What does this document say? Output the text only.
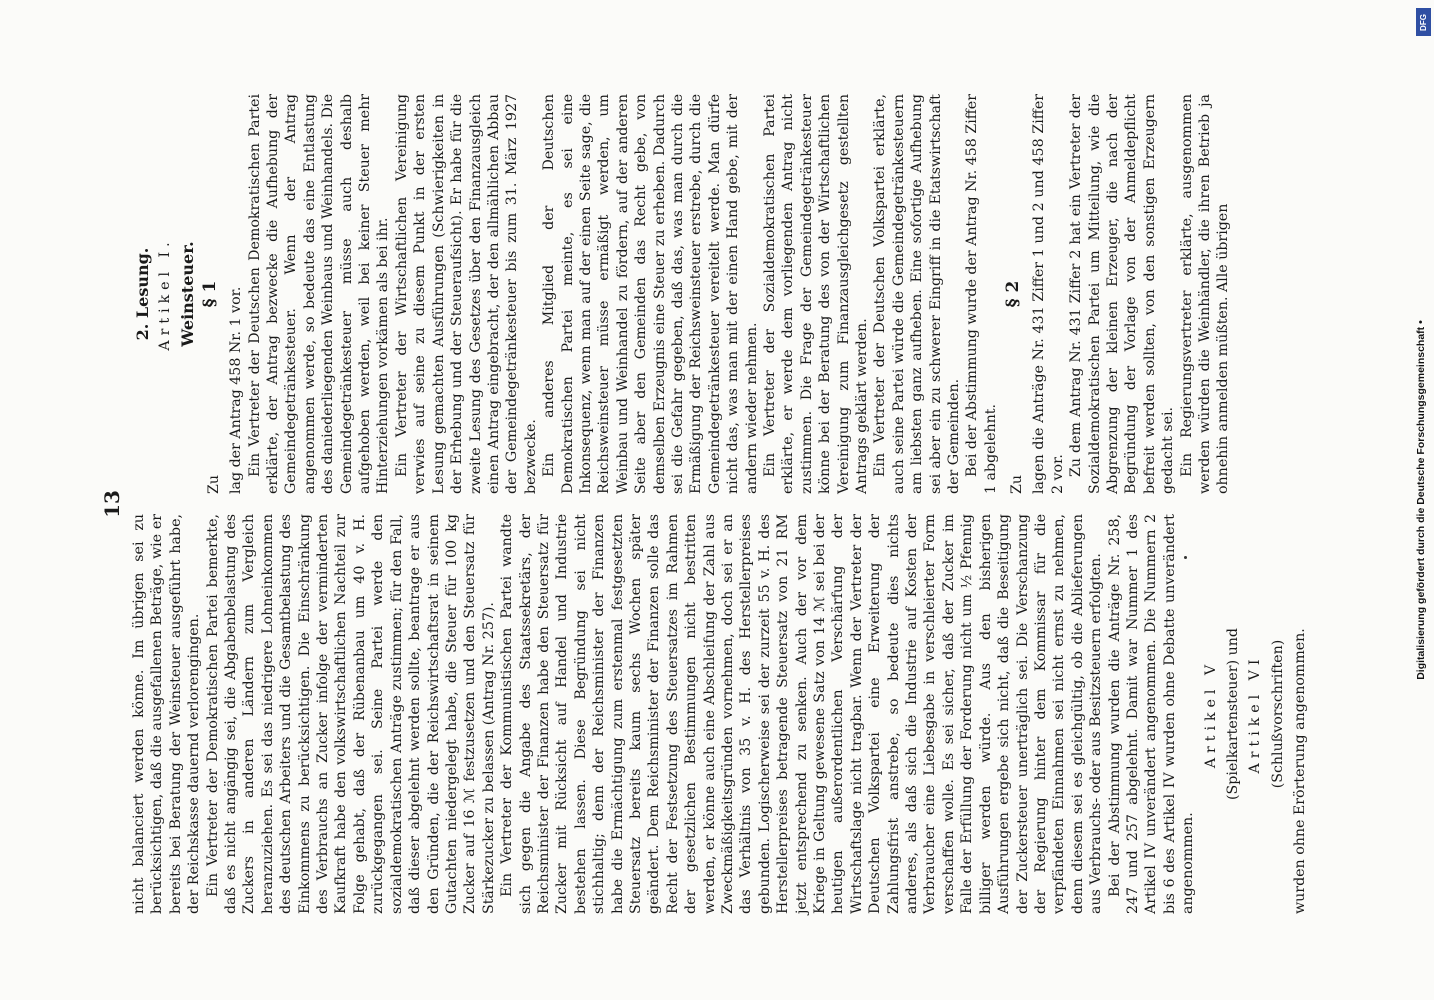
13

nicht balanciert werden könne. Im übrigen sei zu berücksichtigen, daß die ausgefallenen Beträge, wie er bereits bei Beratung der Weinsteuer ausgeführt habe, der Reichskasse dauernd verlorengingen. Ein Vertreter der Demokratischen Partei bemerkte, daß es nicht angängig sei, die Abgabenbelastung des Zuckers in anderen Ländern zum Vergleich heranzuziehen. Es sei das niedrigere Lohneinkommen des deutschen Arbeiters und die Gesamtbelastung des Einkommens zu berücksichtigen. Die Einschränkung des Verbrauchs an Zucker infolge der verminderten Kaufkraft habe den volkswirtschaftlichen Nachteil zur Folge gehabt, daß der Rübenanbau um 40 v. H. zurückgegangen sei. Seine Partei werde den sozialdemokratischen Anträge zustimmen; für den Fall, daß dieser abgelehnt werden sollte, beantrage er aus den Gründen, die der Reichswirtschaftsrat in seinem Gutachten niedergelegt habe, die Steuer für 100 kg Zucker auf 16 ℳ festzusetzen und den Steuersatz für Stärkezucker zu belassen (Antrag Nr. 257). Ein Vertreter der Kommunistischen Partei wandte sich gegen die Angabe des Staatssekretärs, der Reichsminister der Finanzen habe den Steuersatz für Zucker mit Rücksicht auf Handel und Industrie bestehen lassen. Diese Begründung sei nicht stichhaltig; denn der Reichsminister der Finanzen habe die Ermächtigung zum erstenmal festgesetzten Steuersatz bereits kaum sechs Wochen später geändert. Dem Reichsminister der Finanzen solle das Recht der Festsetzung des Steuersatzes im Rahmen der gesetzlichen Bestimmungen nicht bestritten werden, er könne auch eine Abschleifung der Zahl aus Zweckmäßigkeitsgründen vornehmen, doch sei er an das Verhältnis von 35 v. H. des Herstellerpreises gebunden. Logischerweise sei der zurzeit 55 v. H. des Herstellerpreises betragende Steuersatz von 21 RM jetzt entsprechend zu senken. Auch der vor dem Kriege in Geltung gewesene Satz von 14 ℳ sei bei der heutigen außerordentlichen Verschärfung der Wirtschaftslage nicht tragbar. Wenn der Vertreter der Deutschen Volkspartei eine Erweiterung der Zahlungsfrist anstrebe, so bedeute dies nichts anderes, als daß sich die Industrie auf Kosten der Verbraucher eine Liebesgabe in verschleierter Form verschaffen wolle. Es sei sicher, daß der Zucker im Falle der Erfüllung der Forderung nicht um ½ Pfennig billiger werden würde. Aus den bisherigen Ausführungen ergebe sich nicht, daß die Beseitigung der Zuckersteuer unerträglich sei. Die Verschanzung der Regierung hinter dem Kommissar für die verpfändeten Einnahmen sei nicht ernst zu nehmen, denn diesem sei es gleichgültig, ob die Ablieferungen aus Verbrauchs- oder aus Besitzsteuern erfolgten. Bei der Abstimmung wurden die Anträge Nr. 258, 247 und 257 abgelehnt. Damit war Nummer 1 des Artikel IV unverändert angenommen. Die Nummern 2 bis 6 des Artikel IV wurden ohne Debatte unverändert angenommen.

Artikel V (Spielkartensteuer) und Artikel VI (Schlußvorschriften) wurden ohne Erörterung angenommen.

2. Lesung. Artikel I. Weinsteuer.

Zu
§ 1 lag der Antrag 458 Nr. 1 vor. Ein Vertreter der Deutschen Demokratischen Partei erklärte, der Antrag bezwecke die Aufhebung der Gemeindegetränkesteuer. Wenn der Antrag angenommen werde, so bedeute das eine Entlastung des daniederliegenden Weinbaus und Weinhandels. Die Gemeindegetränkesteuer müsse auch deshalb aufgehoben werden, weil bei keiner Steuer mehr Hinterziehungen vorkämen als bei ihr. Ein Vertreter der Wirtschaftlichen Vereinigung verwies auf seine zu diesem Punkt in der ersten Lesung gemachten Ausführungen (Schwierigkeiten in der Erhebung und der Steueraufsicht). Er habe für die zweite Lesung des Gesetzes über den Finanzausgleich einen Antrag eingebracht, der den allmählichen Abbau der Gemeindegetränkesteuer bis zum 31. März 1927 bezwecke. Ein anderes Mitglied der Deutschen Demokratischen Partei meinte, es sei eine Inkonsequenz, wenn man auf der einen Seite sage, die Reichsweinsteuer müsse ermäßigt werden, um Weinbau und Weinhandel zu fördern, auf der anderen Seite aber den Gemeinden das Recht gebe, von demselben Erzeugnis eine Steuer zu erheben. Dadurch sei die Gefahr gegeben, daß das, was man durch die Ermäßigung der Reichsweinsteuer erstrebe, durch die Gemeindegetränkesteuer vereitelt werde. Man dürfe nicht das, was man mit der einen Hand gebe, mit der andern wieder nehmen. Ein Vertreter der Sozialdemokratischen Partei erklärte, er werde dem vorliegenden Antrag nicht zustimmen. Die Frage der Gemeindegetränkesteuer könne bei der Beratung des von der Wirtschaftlichen Vereinigung zum Finanzausgleichgesetz gestellten Antrags geklärt werden. Ein Vertreter der Deutschen Volkspartei erklärte, auch seine Partei würde die Gemeindegetränkesteuern am liebsten ganz aufheben. Eine sofortige Aufhebung sei aber ein zu schwerer Eingriff in die Etatswirtschaft der Gemeinden. Bei der Abstimmung wurde der Antrag Nr. 458 Ziffer 1 abgelehnt. Zu
§ 2 lagen die Anträge Nr. 431 Ziffer 1 und 2 und 458 Ziffer 2 vor. Zu dem Antrag Nr. 431 Ziffer 2 hat ein Vertreter der Sozialdemokratischen Partei um Mitteilung, wie die Abgrenzung der kleinen Erzeuger, die nach der Begründung der Vorlage von der Anmeldepflicht befreit werden sollten, von den sonstigen Erzeugern gedacht sei. Ein Regierungsvertreter erklärte, ausgenommen werden würden die Weinhändler, die ihren Betrieb ja ohnehin anmelden müßten. Alle übrigen	Digitalisierung gefördert durch die Deutsche Forschungsgemeinschaft •
DFG
